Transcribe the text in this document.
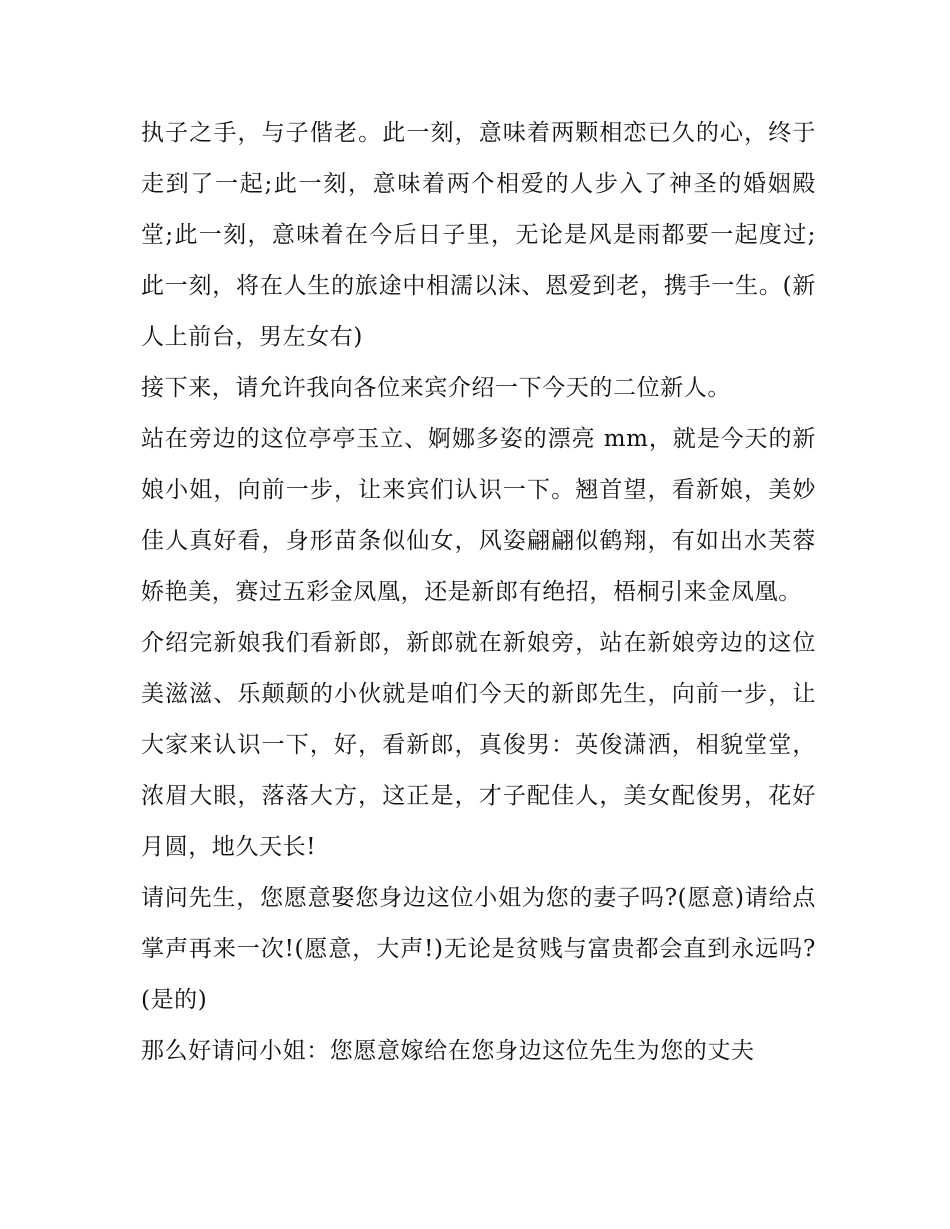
执子之手，与子偕老。此一刻，意味着两颗相恋已久的心，终于走到了一起;此一刻，意味着两个相爱的人步入了神圣的婚姻殿堂;此一刻，意味着在今后日子里，无论是风是雨都要一起度过;此一刻，将在人生的旅途中相濡以沫、恩爱到老，携手一生。(新人上前台，男左女右)

接下来，请允许我向各位来宾介绍一下今天的二位新人。

站在旁边的这位亭亭玉立、婀娜多姿的漂亮 mm，就是今天的新娘小姐，向前一步，让来宾们认识一下。翘首望，看新娘，美妙佳人真好看，身形苗条似仙女，风姿翩翩似鹤翔，有如出水芙蓉娇艳美，赛过五彩金凤凰，还是新郎有绝招，梧桐引来金凤凰。

介绍完新娘我们看新郎，新郎就在新娘旁，站在新娘旁边的这位美滋滋、乐颠颠的小伙就是咱们今天的新郎先生，向前一步，让大家来认识一下，好，看新郎，真俊男：英俊潇洒，相貌堂堂，浓眉大眼，落落大方，这正是，才子配佳人，美女配俊男，花好月圆，地久天长!

请问先生，您愿意娶您身边这位小姐为您的妻子吗?(愿意)请给点掌声再来一次!(愿意，大声!)无论是贫贱与富贵都会直到永远吗?(是的)

那么好请问小姐：您愿意嫁给在您身边这位先生为您的丈夫
